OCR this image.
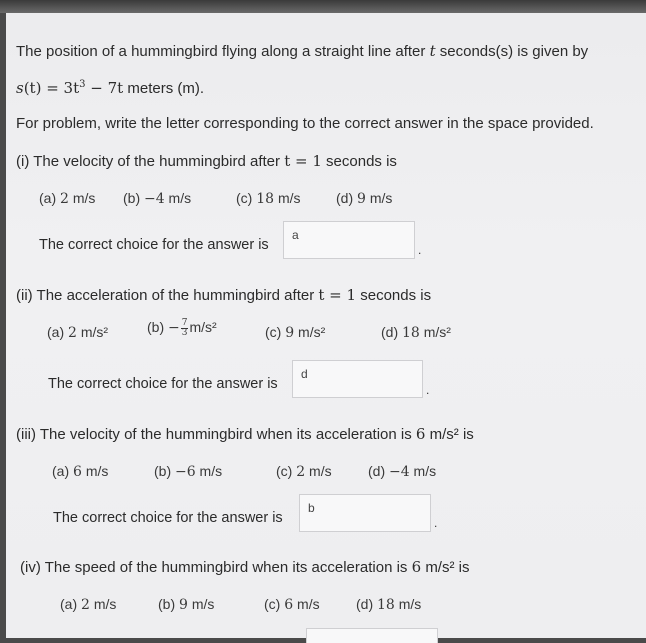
The position of a hummingbird flying along a straight line after t seconds(s) is given by
$s(t) = 3t^3 - 7t$ meters (m).
For problem, write the letter corresponding to the correct answer in the space provided.
(i) The velocity of the hummingbird after t = 1 seconds is
(a) 2 m/s (b) −4 m/s	(c) 18 m/s	(d) 9 m/s
The correct choice for the answer is
a
.
(ii) The acceleration of the hummingbird after t = 1 seconds is
(a) 2 m/s²	$(b) - \frac{7}{3} m/s^2$	(c) 9 m/s²	(d) 18 m/s²
The correct choice for the answer is
d
.
(iii) The velocity of the hummingbird when its acceleration is 6 m/s² is
(a) 6 m/s	(b) −6 m/s	(c) 2 m/s	(d) −4 m/s
The correct choice for the answer is
b
.
(iv) The speed of the hummingbird when its acceleration is 6 m/s² is
(a) 2 m/s	(b) 9 m/s	(c) 6 m/s	(d) 18 m/s
